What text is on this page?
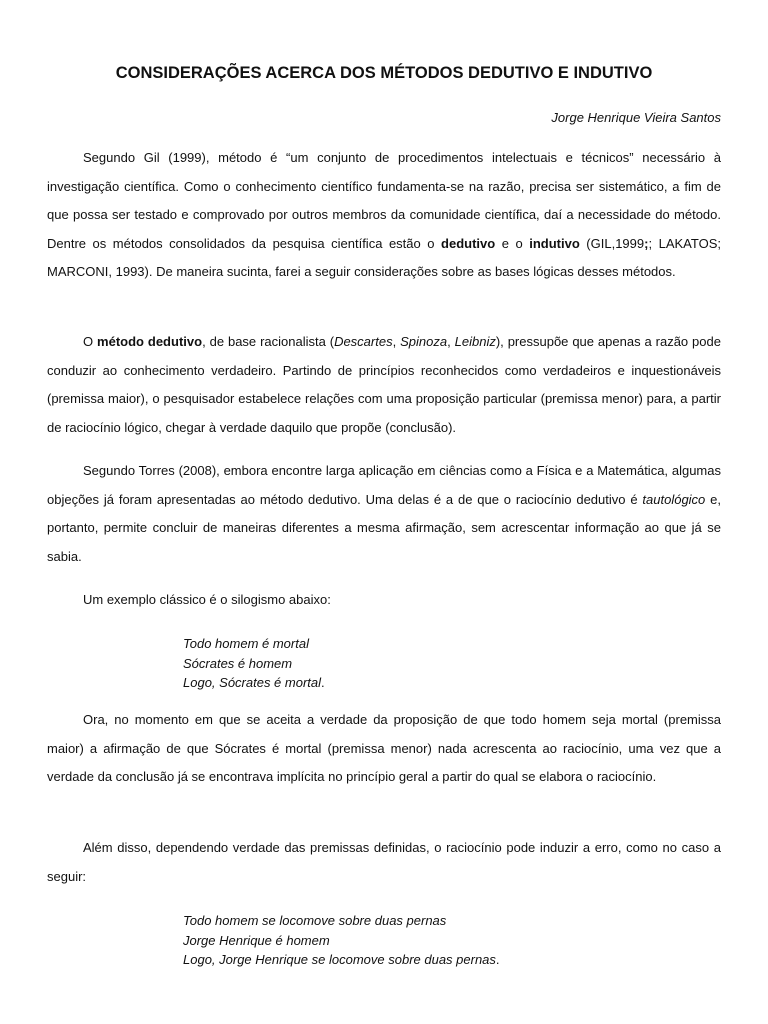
CONSIDERAÇÕES ACERCA DOS MÉTODOS DEDUTIVO E INDUTIVO

Jorge Henrique Vieira Santos

Segundo Gil (1999), método é “um conjunto de procedimentos intelectuais e técnicos” necessário à investigação científica. Como o conhecimento científico fundamenta-se na razão, precisa ser sistemático, a fim de que possa ser testado e comprovado por outros membros da comunidade científica, daí a necessidade do método. Dentre os métodos consolidados da pesquisa científica estão o dedutivo e o indutivo (GIL,1999;; LAKATOS; MARCONI, 1993). De maneira sucinta, farei a seguir considerações sobre as bases lógicas desses métodos.

O método dedutivo, de base racionalista (Descartes, Spinoza, Leibniz), pressupõe que apenas a razão pode conduzir ao conhecimento verdadeiro. Partindo de princípios reconhecidos como verdadeiros e inquestionáveis (premissa maior), o pesquisador estabelece relações com uma proposição particular (premissa menor) para, a partir de raciocínio lógico, chegar à verdade daquilo que propõe (conclusão).

Segundo Torres (2008), embora encontre larga aplicação em ciências como a Física e a Matemática, algumas objeções já foram apresentadas ao método dedutivo. Uma delas é a de que o raciocínio dedutivo é tautológico e, portanto, permite concluir de maneiras diferentes a mesma afirmação, sem acrescentar informação ao que já se sabia.

Um exemplo clássico é o silogismo abaixo:

Todo homem é mortal
Sócrates é homem
Logo, Sócrates é mortal.

Ora, no momento em que se aceita a verdade da proposição de que todo homem seja mortal (premissa maior) a afirmação de que Sócrates é mortal (premissa menor) nada acrescenta ao raciocínio, uma vez que a verdade da conclusão já se encontrava implícita no princípio geral a partir do qual se elabora o raciocínio.

Além disso, dependendo verdade das premissas definidas, o raciocínio pode induzir a erro, como no caso a seguir:

Todo homem se locomove sobre duas pernas
Jorge Henrique é homem
Logo, Jorge Henrique se locomove sobre duas pernas.
